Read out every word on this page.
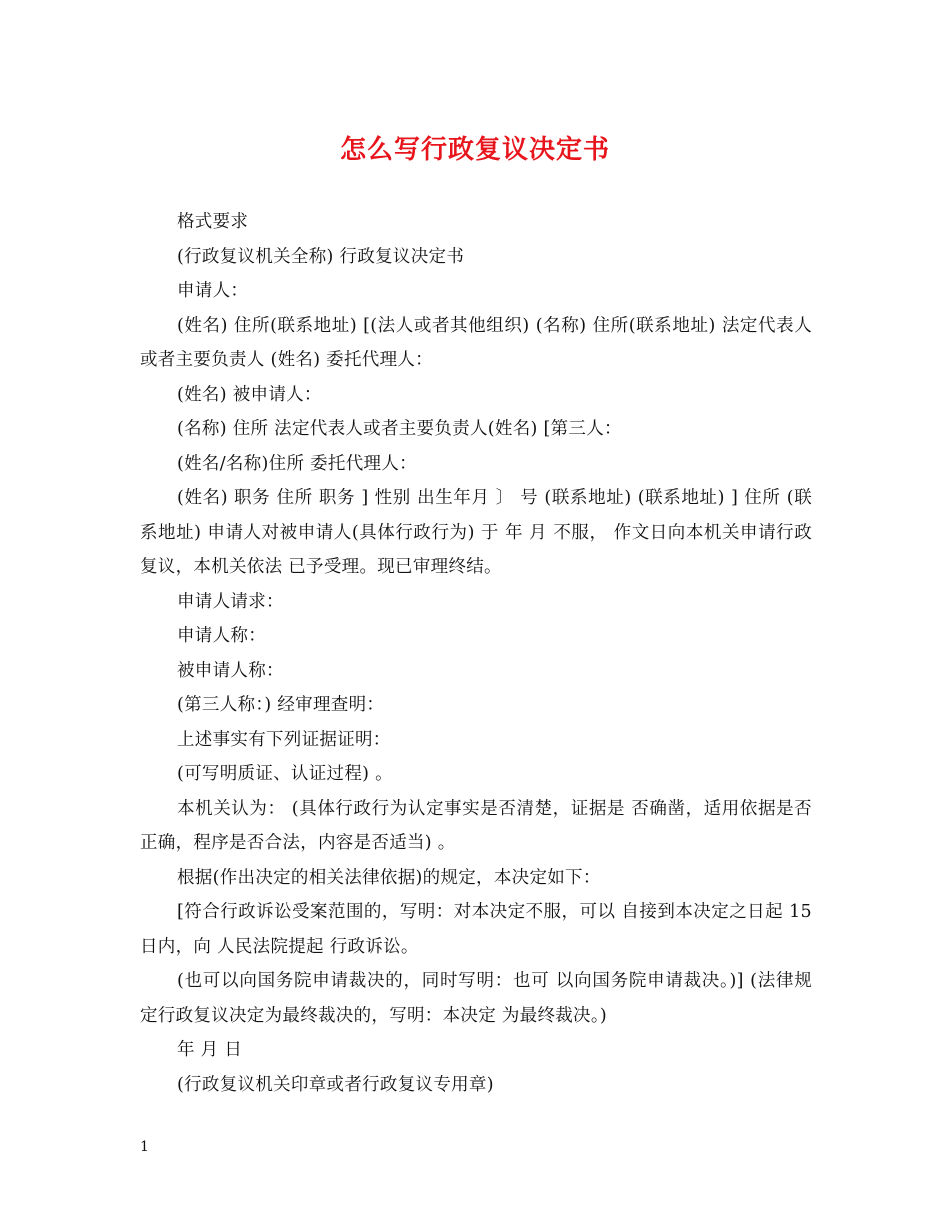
怎么写行政复议决定书

格式要求

(行政复议机关全称) 行政复议决定书

申请人：

(姓名) 住所(联系地址) [(法人或者其他组织) (名称) 住所(联系地址) 法定代表人或者主要负责人 (姓名) 委托代理人：

(姓名) 被申请人：

(名称) 住所 法定代表人或者主要负责人(姓名) [第三人：

(姓名/名称)住所 委托代理人：

(姓名) 职务 住所 职务 ] 性别 出生年月 〕 号 (联系地址) (联系地址) ] 住所 (联系地址) 申请人对被申请人(具体行政行为) 于 年 月 不服， 作文日向本机关申请行政复议，本机关依法 已予受理。现已审理终结。

申请人请求：

申请人称：

被申请人称：

(第三人称：) 经审理查明：

上述事实有下列证据证明：

(可写明质证、认证过程) 。

本机关认为： (具体行政行为认定事实是否清楚，证据是 否确凿，适用依据是否正确，程序是否合法，内容是否适当) 。

根据(作出决定的相关法律依据)的规定，本决定如下：

[符合行政诉讼受案范围的，写明：对本决定不服，可以 自接到本决定之日起 15 日内，向 人民法院提起 行政诉讼。

(也可以向国务院申请裁决的，同时写明：也可 以向国务院申请裁决。)] (法律规定行政复议决定为最终裁决的，写明：本决定 为最终裁决。)

年 月 日

(行政复议机关印章或者行政复议专用章)

1
